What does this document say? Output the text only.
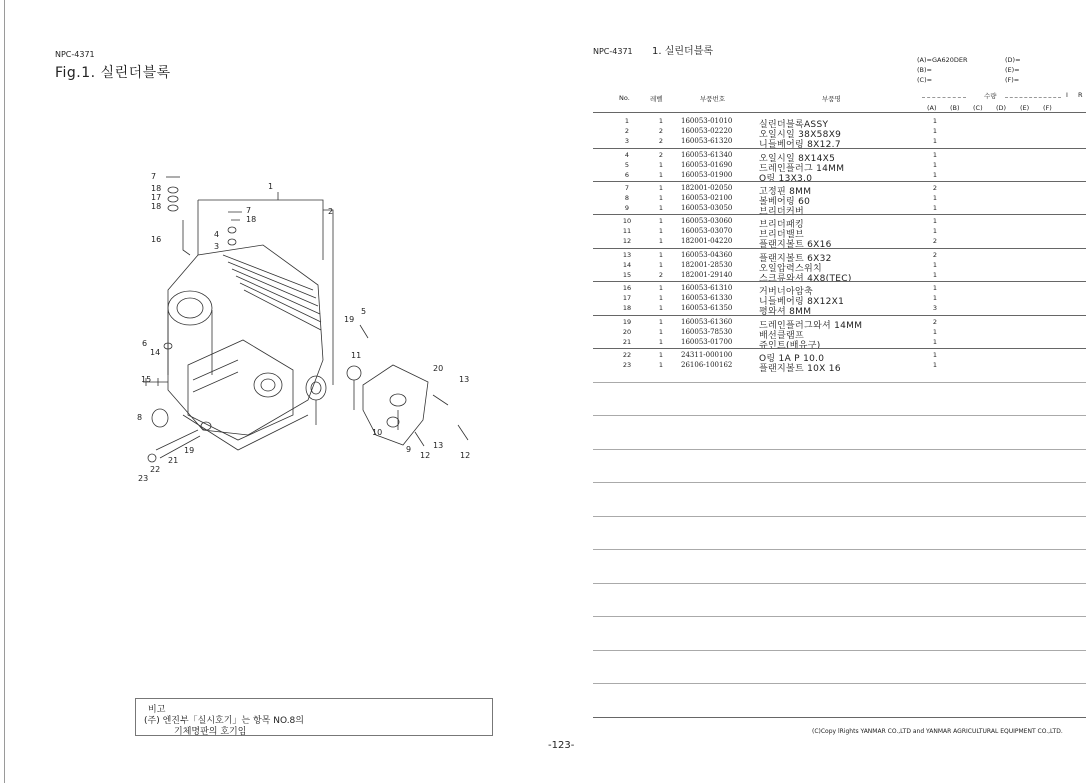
NPC-4371
Fig.1. 실린더블록
7
18
17
18
1
7
18
4
3
16
2
5
19
6
14	11
15
20
13
8
10
19
21
9	13
22
12	12
23
비고
(주) 엔진부「실시호기」는 항목 NO.8의
기체명판의 호기임
-123-
NPC-4371 1. 실린더블록
(A)=GA620DER
(B)=
(C)=
(D)=
(E)=
(F)=
No.	레벨	부품번호	부품명	수량	I R
(A) (B) (C) (D) (E) (F)
1	1	160053-01010	실린더블록ASSY	1
2	2	160053-02220	오일시일 38X58X9	1
3	2	160053-61320	니들베어링 8X12.7	1
4	2	160053-61340	오일시일 8X14X5	1
5	1	160053-01690	드레인플러그 14MM	1
6	1	160053-01900	O링 13X3.0	1
7	1	182001-02050	고정핀 8MM	2
8	1	160053-02100	볼베어링 60	1
9	1	160053-03050	브리더커버	1
10	1	160053-03060	브리더패킹	1
11	1	160053-03070	브리더밸브	1
12	1	182001-04220	플랜지볼트 6X16	2
13	1	160053-04360	플랜지볼트 6X32	2
14	1	182001-28530	오일압력스위치	1
15	2	182001-29140	스크류와셔 4X8(TEC)	1
16	1	160053-61310	거버너아암축	1
17	1	160053-61330	니들베어링 8X12X1	1
18	1	160053-61350	평와셔 8MM	3
19	1	160053-61360	드레인플러그와셔 14MM	2
20	1	160053-78530	배선클램프	1
21	1	160053-01700	쥬인트(배유구)	1
22	1	24311-000100	O링 1A P 10.0	1
23	1	26106-100162	플랜지볼트 10X 16	1
(C)Copy lRights YANMAR CO.,LTD and YANMAR AGRICULTURAL EQUIPMENT CO.,LTD.
